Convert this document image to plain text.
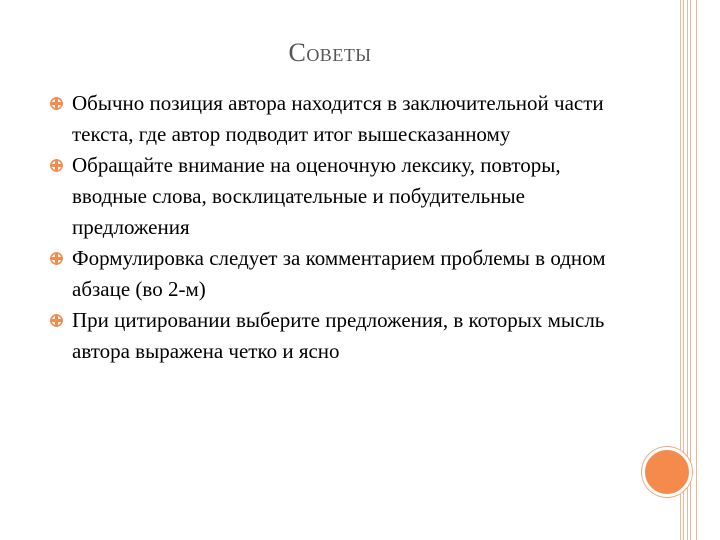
СОВЕТЫ
Обычно позиция автора находится в заключительной части текста, где автор подводит итог вышесказанному
Обращайте внимание на оценочную лексику, повторы, вводные слова, восклицательные и побудительные предложения
Формулировка следует за комментарием проблемы в одном абзаце (во 2-м)
При цитировании выберите предложения, в которых мысль автора выражена четко и ясно
